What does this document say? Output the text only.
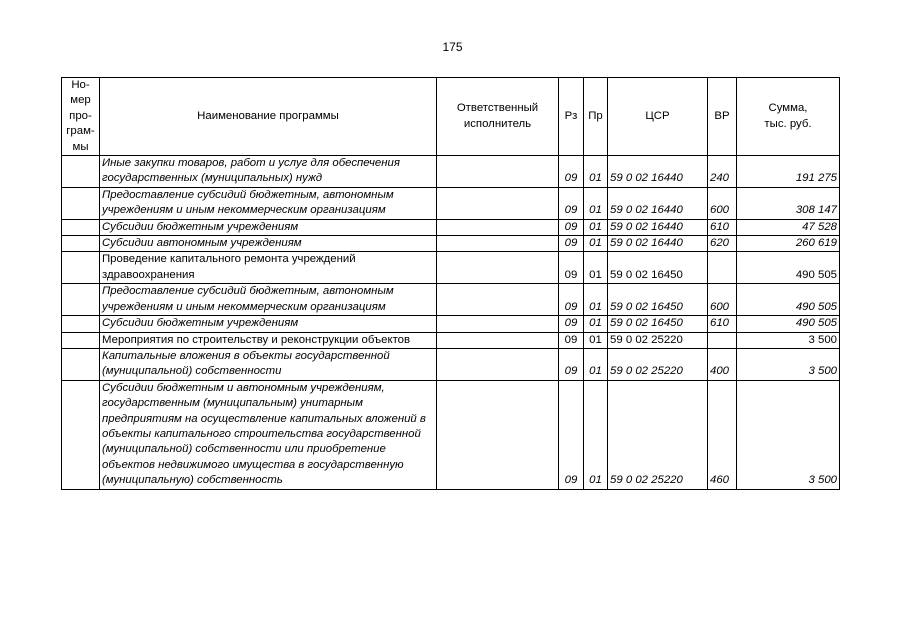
175
Но-
мер
про-
грам-
мы	Наименование программы	Ответственный
исполнитель	Рз	Пр	ЦСР	ВР	Сумма,
тыс. руб.
	Иные закупки товаров, работ и услуг для обеспечения государственных (муниципальных) нужд		09	01	59 0 02 16440	240	191 275
	Предоставление субсидий бюджетным, автономным учреждениям и иным некоммерческим организациям		09	01	59 0 02 16440	600	308 147
	Субсидии бюджетным учреждениям		09	01	59 0 02 16440	610	47 528
	Субсидии автономным учреждениям		09	01	59 0 02 16440	620	260 619
	Проведение капитального ремонта учреждений здравоохранения		09	01	59 0 02 16450		490 505
	Предоставление субсидий бюджетным, автономным учреждениям и иным некоммерческим организациям		09	01	59 0 02 16450	600	490 505
	Субсидии бюджетным учреждениям		09	01	59 0 02 16450	610	490 505
	Мероприятия по строительству и реконструкции объектов		09	01	59 0 02 25220		3 500
	Капитальные вложения в объекты государственной (муниципальной) собственности		09	01	59 0 02 25220	400	3 500
	Субсидии бюджетным и автономным учреждениям, государственным (муниципальным) унитарным предприятиям на осуществление капитальных вложений в объекты капитального строительства государственной (муниципальной) собственности или приобретение объектов недвижимого имущества в государственную (муниципальную) собственность		09	01	59 0 02 25220	460	3 500
